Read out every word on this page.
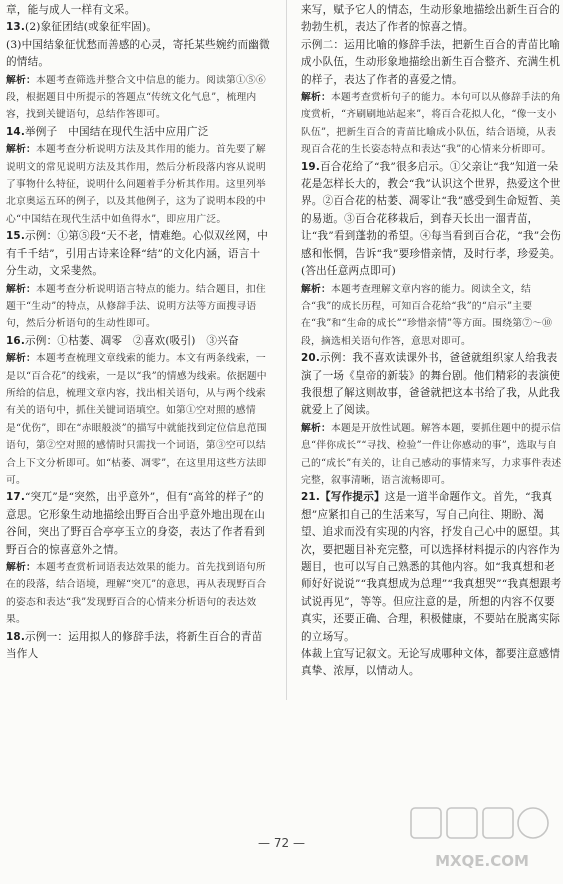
章，能与成人一样有文采。

13.(2)象征团结(或象征牢固)。

(3)中国结象征忧愁而善感的心灵，寄托某些婉约而幽微的情结。

解析：本题考查筛选并整合文中信息的能力。阅读第①⑤⑥段，根据题目中所提示的答题点“传统文化气息”，梳理内容，找到关键语句，总结作答即可。

14.举例子　中国结在现代生活中应用广泛

解析：本题考查分析说明方法及其作用的能力。首先要了解说明文的常见说明方法及其作用，然后分析段落内容从说明了事物什么特征，说明什么问题着手分析其作用。这里列举北京奥运五环的例子，以及其他例子，这为了说明本段的中心“中国结在现代生活中如鱼得水”，即应用广泛。

15.示例：①第⑤段“天不老，情难绝。心似双丝网，中有千千结”，引用古诗来诠释“结”的文化内涵，语言十分生动，文采斐然。

解析：本题考查分析说明语言特点的能力。结合题目，扣住题干“生动”的特点，从修辞手法、说明方法等方面搜寻语句，然后分析语句的生动性即可。

16.示例：①枯萎、凋零　②喜欢(吸引)　③兴奋

解析：本题考查梳理文章线索的能力。本文有两条线索，一是以“百合花”的线索，一是以“我”的情感为线索。依据题中所给的信息，梳理文章内容，找出相关语句，从与两个线索有关的语句中，抓住关键词语填空。如第①空对照的感情是“优伤”，即在“赤眼般淡”的描写中就能找到定位信息范围语句，第②空对照的感情时只需找一个词语，第③空可以结合上下文分析即可。如“枯萎、凋零”，在这里用这些方法即可。

17.“突兀”是“突然，出乎意外”，但有“高耸的样子”的意思。它形象生动地描绘出野百合出乎意外地出现在山谷间，突出了野百合亭亭玉立的身姿，表达了作者看到野百合的惊喜意外之情。

解析：本题考查赏析词语表达效果的能力。首先找到语句所在的段落，结合语境，理解“突兀”的意思，再从表现野百合的姿态和表达“我”发现野百合的心情来分析语句的表达效果。

18.示例一：运用拟人的修辞手法，将新生百合的青苗当作人

来写，赋予它人的情态，生动形象地描绘出新生百合的勃勃生机，表达了作者的惊喜之情。

示例二：运用比喻的修辞手法，把新生百合的青苗比喻成小队伍，生动形象地描绘出新生百合整齐、充满生机的样子，表达了作者的喜爱之情。

解析：本题考查赏析句子的能力。本句可以从修辞手法的角度赏析，“齐刷刷地站起来”，将百合花拟人化，“像一支小队伍”，把新生百合的青苗比喻成小队伍，结合语境，从表现百合花的生长姿态特点和表达“我”的心情来分析即可。

19.百合花给了“我”很多启示。①父亲让“我”知道一朵花是怎样长大的，教会“我”认识这个世界，热爱这个世界。②百合花的枯萎、凋零让“我”感受到生命短暂、美的易逝。③百合花移栽后，到春天长出一溜青苗，让“我”看到蓬勃的希望。④每当看到百合花，“我”会伤感和怅惘，告诉“我”要珍惜亲情，及时行孝，珍爱美。(答出任意两点即可)

解析：本题考查理解文章内容的能力。阅读全文，结合“我”的成长历程，可知百合花给“我”的“启示”主要在“我”和“生命的成长”“珍惜亲情”等方面。围绕第⑦～⑩段，摘选相关语句作答，意思对即可。

20.示例：我不喜欢读课外书，爸爸就组织家人给我表演了一场《皇帝的新装》的舞台剧。他们精彩的表演使我很想了解这则故事，爸爸就把这本书给了我，从此我就爱上了阅读。

解析：本题是开放性试题。解答本题，要抓住题中的提示信息“伴你成长”“寻找、检验”一件让你感动的事”，选取与自己的“成长”有关的，让自己感动的事情来写，力求事件表述完整，叙事清晰，语言流畅即可。

21.【写作提示】这是一道半命题作文。首先，“我真想”应紧扣自己的生活来写，写自己向往、期盼、渴望、追求而没有实现的内容，抒发自己心中的愿望。其次，要把题目补充完整，可以选择材料提示的内容作为题目，也可以写自己熟悉的其他内容。如“我真想和老师好好说说”“我真想成为总理”“我真想哭”“我真想跟考试说再见”，等等。但应注意的是，所想的内容不仅要真实，还要正确、合理，积极健康，不要站在脱离实际的立场写。

体裁上宜写记叙文。无论写成哪种文体，都要注意感情真挚、浓厚，以情动人。

— 72 —
MXQE.COM
